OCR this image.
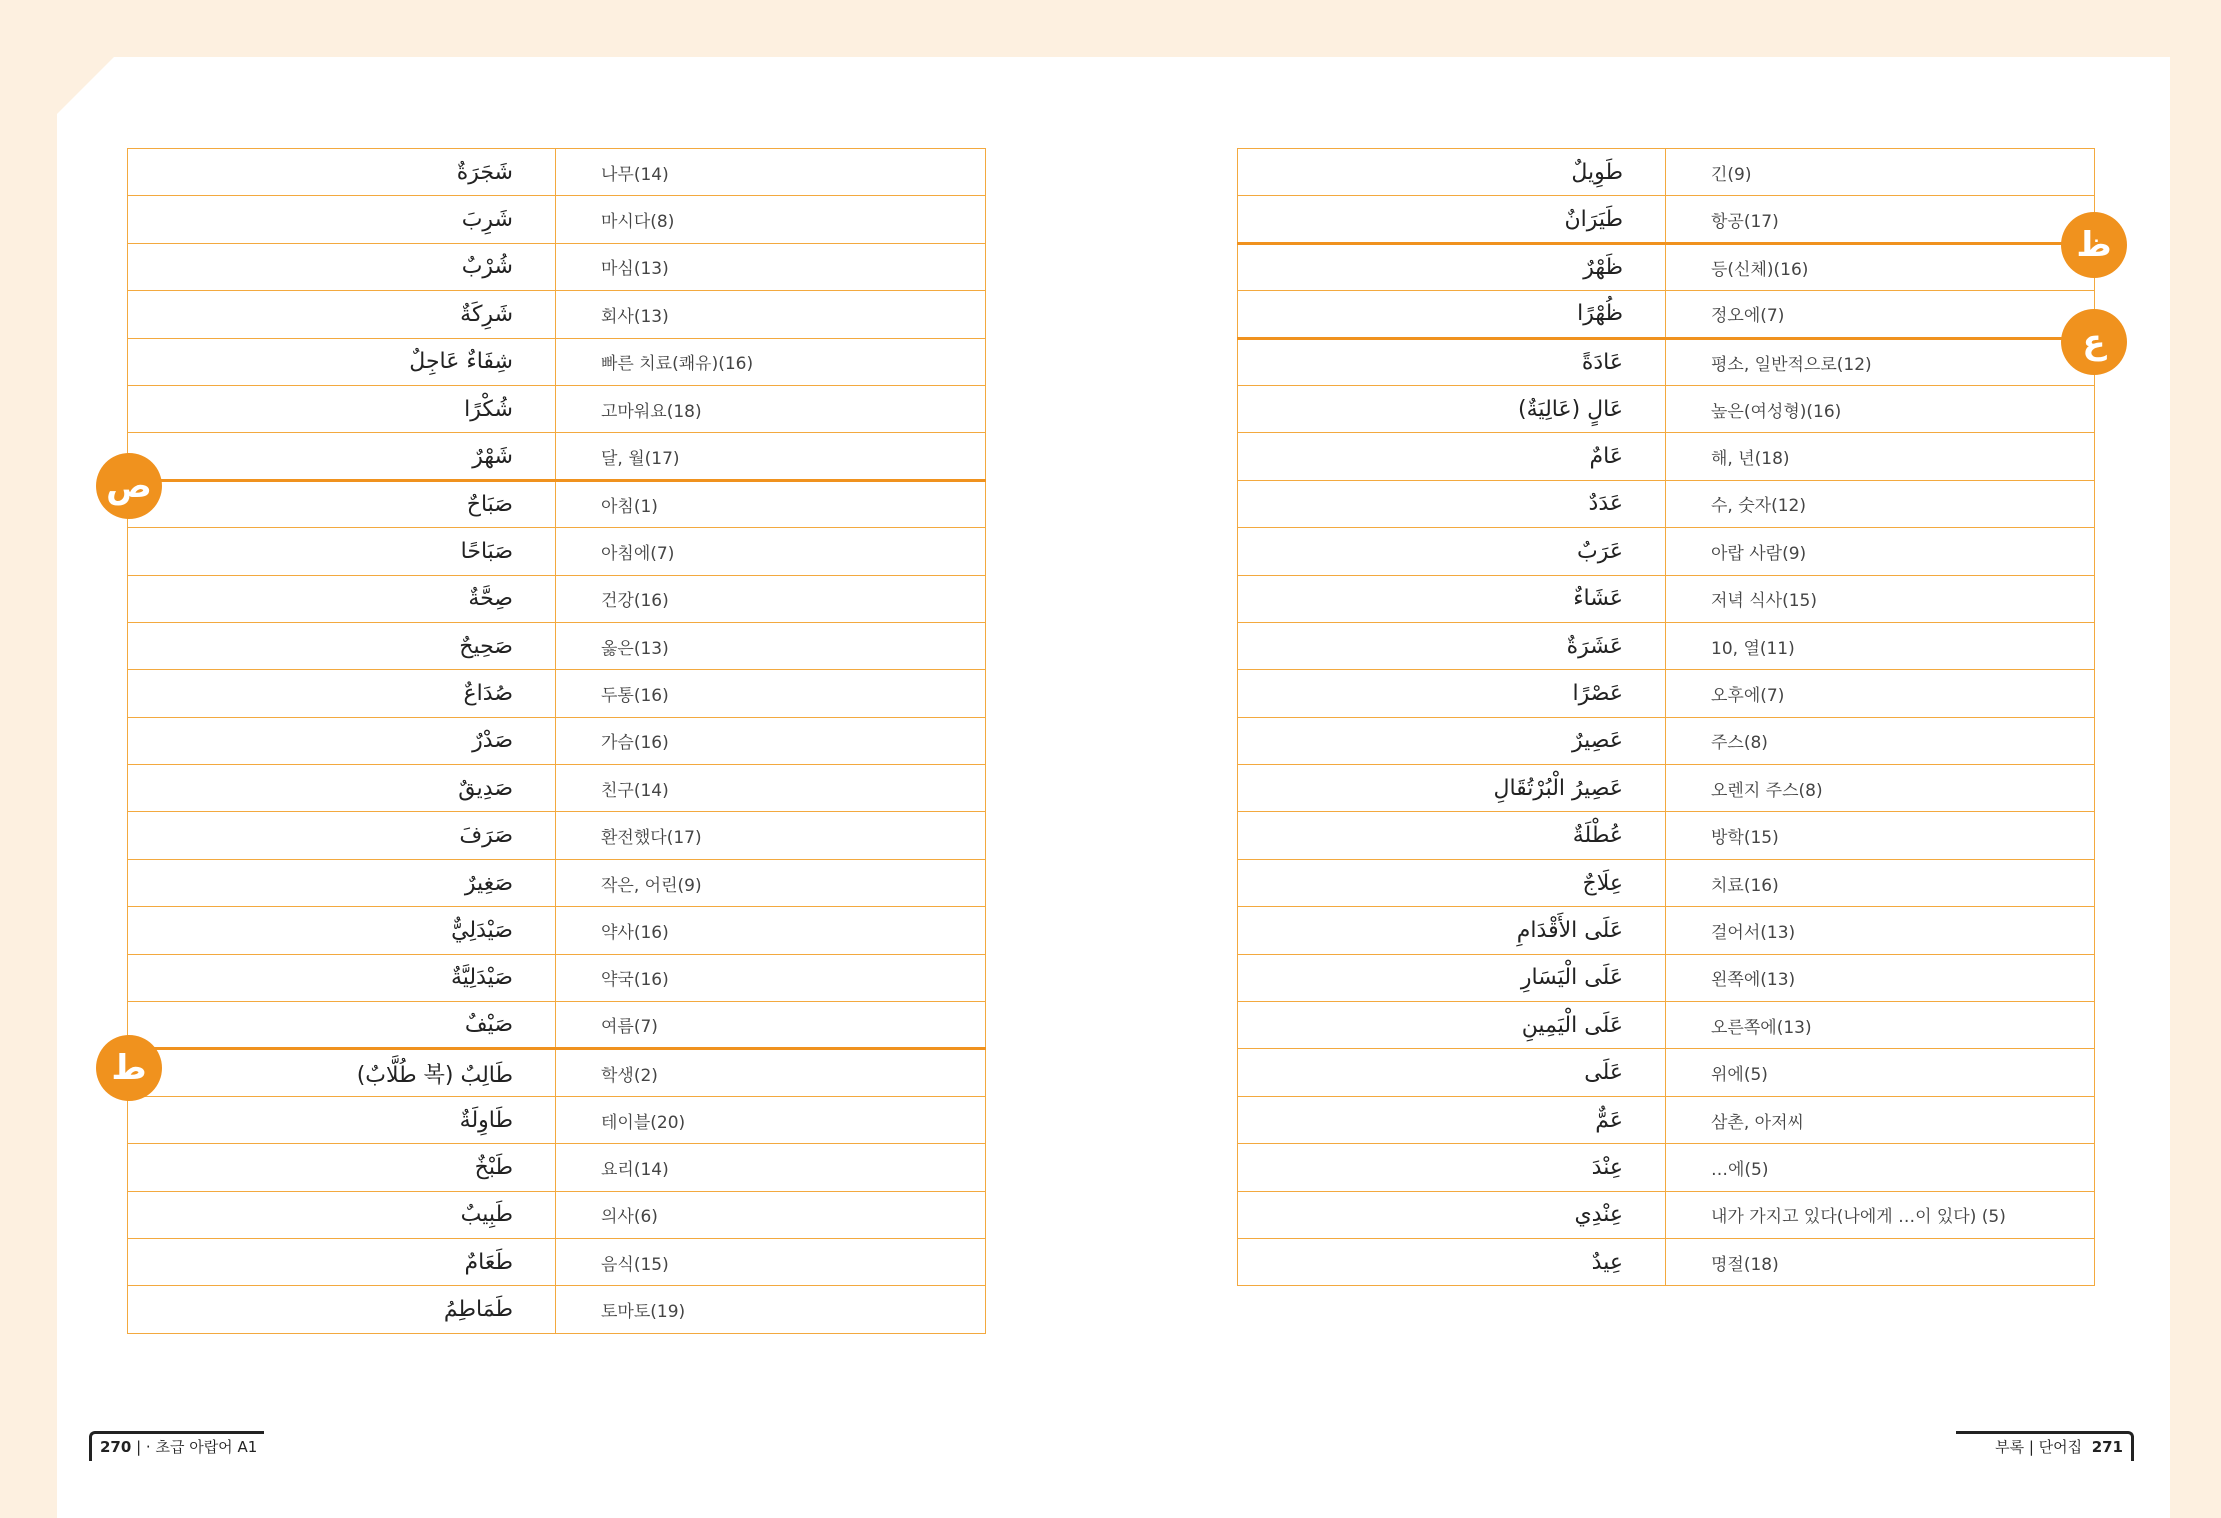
شَجَرَةٌ	나무(14)
شَرِبَ	마시다(8)
شُرْبٌ	마심(13)
شَرِكَةٌ	회사(13)
شِفَاءٌ عَاجِلٌ	빠른 치료(쾌유)(16)
شُكْرًا	고마워요(18)
شَهْرٌ	달, 월(17)
صَبَاحٌ	아침(1)
صَبَاحًا	아침에(7)
صِحَّةٌ	건강(16)
صَحِيحٌ	옳은(13)
صُدَاعٌ	두통(16)
صَدْرٌ	가슴(16)
صَدِيقٌ	친구(14)
صَرَفَ	환전했다(17)
صَغِيرٌ	작은, 어린(9)
صَيْدَلِيٌّ	약사(16)
صَيْدَلِيَّةٌ	약국(16)
صَيْفٌ	여름(7)
طَالِبٌ (복 طُلَّابٌ)	학생(2)
طَاوِلَةٌ	테이블(20)
طَبْخٌ	요리(14)
طَبِيبٌ	의사(6)
طَعَامٌ	음식(15)
طَمَاطِمُ	토마토(19)
طَوِيلٌ	긴(9)
طَيَرَانٌ	항공(17)
ظَهْرٌ	등(신체)(16)
ظُهْرًا	정오에(7)
عَادَةً	평소, 일반적으로(12)
عَالٍ (عَالِيَةٌ)	높은(여성형)(16)
عَامٌ	해, 년(18)
عَدَدٌ	수, 숫자(12)
عَرَبٌ	아랍 사람(9)
عَشَاءٌ	저녁 식사(15)
عَشَرَةٌ	10, 열(11)
عَصْرًا	오후에(7)
عَصِيرٌ	주스(8)
عَصِيرُ الْبُرْتُقَالِ	오렌지 주스(8)
عُطْلَةٌ	방학(15)
عِلَاجٌ	치료(16)
عَلَى الأَقْدَامِ	걸어서(13)
عَلَى الْيَسَارِ	왼쪽에(13)
عَلَى الْيَمِينِ	오른쪽에(13)
عَلَى	위에(5)
عَمٌّ	삼촌, 아저씨
عِنْدَ	…에(5)
عِنْدِي	내가 가지고 있다(나에게 …이 있다) (5)
عِيدٌ	명절(18)
ص
ط
ظ
ع
270 | · 초급 아랍어 A1	부록 | 단어집 271
